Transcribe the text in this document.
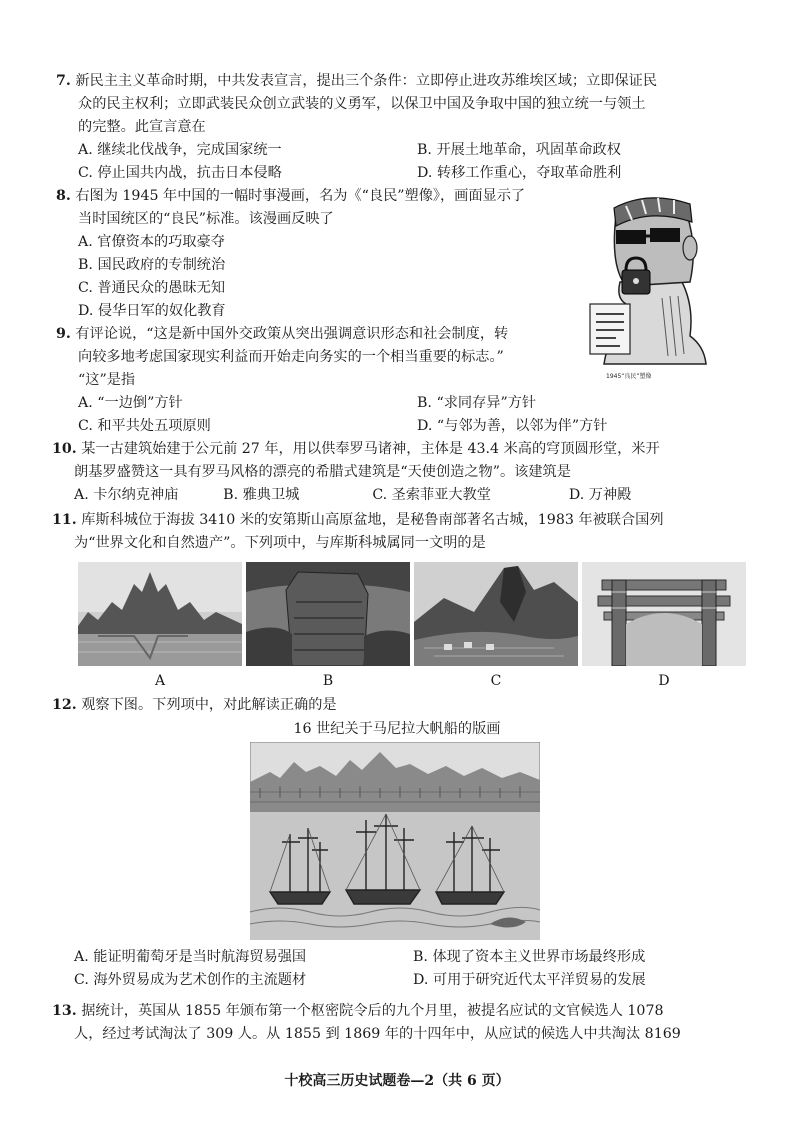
7. 新民主主义革命时期，中共发表宣言，提出三个条件：立即停止进攻苏维埃区域；立即保证民
众的民主权利；立即武装民众创立武装的义勇军，以保卫中国及争取中国的独立统一与领土
的完整。此宣言意在
A. 继续北伐战争，完成国家统一	B. 开展土地革命，巩固革命政权
C. 停止国共内战，抗击日本侵略	D. 转移工作重心，夺取革命胜利
8. 右图为 1945 年中国的一幅时事漫画，名为《“良民”塑像》，画面显示了
当时国统区的“良民”标准。该漫画反映了
A. 官僚资本的巧取豪夺
B. 国民政府的专制统治
C. 普通民众的愚昧无知
D. 侵华日军的奴化教育
1945“良民”塑像
9. 有评论说，“这是新中国外交政策从突出强调意识形态和社会制度，转
向较多地考虑国家现实利益而开始走向务实的一个相当重要的标志。”
“这”是指
A. “一边倒”方针	B. “求同存异”方针
C. 和平共处五项原则	D. “与邻为善，以邻为伴”方针
10. 某一古建筑始建于公元前 27 年，用以供奉罗马诸神，主体是 43.4 米高的穹顶圆形堂，米开
朗基罗盛赞这一具有罗马风格的漂亮的希腊式建筑是“天使创造之物”。该建筑是
A. 卡尔纳克神庙	B. 雅典卫城	C. 圣索菲亚大教堂	D. 万神殿
11. 库斯科城位于海拔 3410 米的安第斯山高原盆地，是秘鲁南部著名古城，1983 年被联合国列
为“世界文化和自然遗产”。下列项中，与库斯科城属同一文明的是
A	B	C	D
12. 观察下图。下列项中，对此解读正确的是
16 世纪关于马尼拉大帆船的版画
A. 能证明葡萄牙是当时航海贸易强国	B. 体现了资本主义世界市场最终形成
C. 海外贸易成为艺术创作的主流题材	D. 可用于研究近代太平洋贸易的发展
13. 据统计，英国从 1855 年颁布第一个枢密院令后的九个月里，被提名应试的文官候选人 1078
人，经过考试淘汰了 309 人。从 1855 到 1869 年的十四年中，从应试的候选人中共淘汰 8169
十校高三历史试题卷—2（共 6 页）
